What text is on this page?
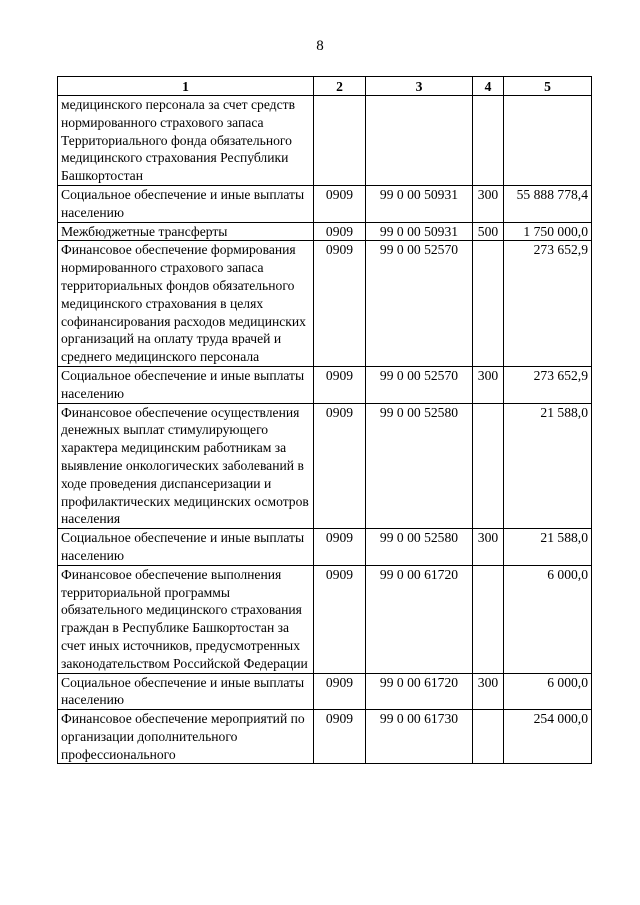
8
1	2	3	4	5
медицинского персонала за счет средств нормированного страхового запаса Территориального фонда обязательного медицинского страхования Республики Башкортостан				
Социальное обеспечение и иные выплаты населению	0909	99 0 00 50931	300	55 888 778,4
Межбюджетные трансферты	0909	99 0 00 50931	500	1 750 000,0
Финансовое обеспечение формирования нормированного страхового запаса территориальных фондов обязательного медицинского страхования в целях софинансирования расходов медицинских организаций на оплату труда врачей и среднего медицинского персонала	0909	99 0 00 52570		273 652,9
Социальное обеспечение и иные выплаты населению	0909	99 0 00 52570	300	273 652,9
Финансовое обеспечение осуществления денежных выплат стимулирующего характера медицинским работникам за выявление онкологических заболеваний в ходе проведения диспансеризации и профилактических медицинских осмотров населения	0909	99 0 00 52580		21 588,0
Социальное обеспечение и иные выплаты населению	0909	99 0 00 52580	300	21 588,0
Финансовое обеспечение выполнения территориальной программы обязательного медицинского страхования граждан в Республике Башкортостан за счет иных источников, предусмотренных законодательством Российской Федерации	0909	99 0 00 61720		6 000,0
Социальное обеспечение и иные выплаты населению	0909	99 0 00 61720	300	6 000,0
Финансовое обеспечение мероприятий по организации дополнительного профессионального	0909	99 0 00 61730		254 000,0
